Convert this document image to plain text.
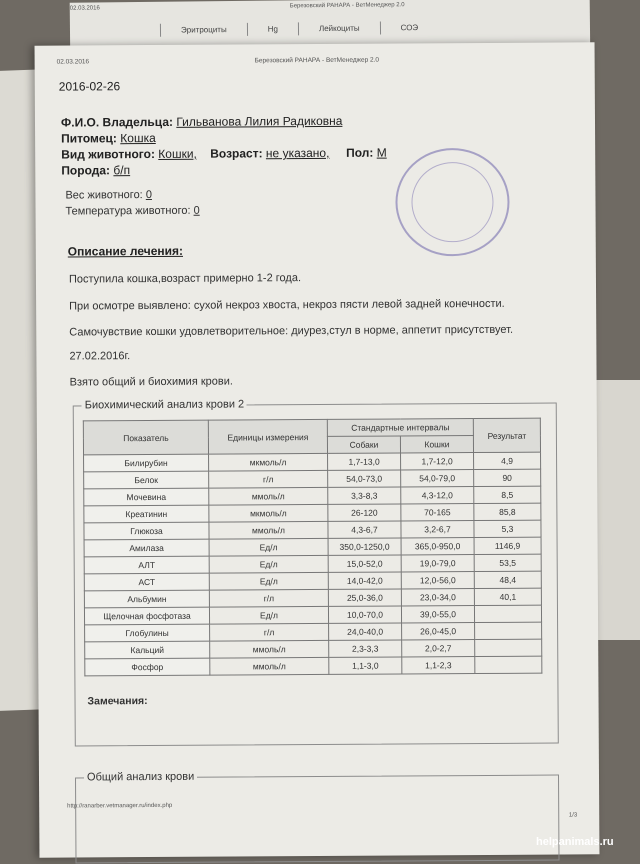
02.03.2016	Березовский РАНАРА - ВетМенеджер 2.0
Эритроциты	Hg	Лейкоциты	СОЭ
02.03.2016	Березовский РАНАРА - ВетМенеджер 2.0
2016-02-26
Ф.И.О. Владельца: Гильванова Лилия Радиковна
Питомец: Кошка
Вид животного: Кошки, Возраст: не указано, Пол: М
Порода: б/п
Вес животного: 0
Температура животного: 0
Описание лечения:
Поступила кошка,возраст примерно 1-2 года.
При осмотре выявлено: сухой некроз хвоста, некроз пясти левой задней конечности.
Самочувствие кошки удовлетворительное: диурез,стул в норме, аппетит присутствует.
27.02.2016г.
Взято общий и биохимия крови.
Биохимический анализ крови 2
Показатель	Единицы измерения	Стандартные интервалы		Результат
		Собаки	Кошки	
Билирубин	мкмоль/л	1,7-13,0	1,7-12,0	4,9
Белок	г/л	54,0-73,0	54,0-79,0	90
Мочевина	ммоль/л	3,3-8,3	4,3-12,0	8,5
Креатинин	мкмоль/л	26-120	70-165	85,8
Глюкоза	ммоль/л	4,3-6,7	3,2-6,7	5,3
Амилаза	Ед/л	350,0-1250,0	365,0-950,0	1146,9
АЛТ	Ед/л	15,0-52,0	19,0-79,0	53,5
АСТ	Ед/л	14,0-42,0	12,0-56,0	48,4
Альбумин	г/л	25,0-36,0	23,0-34,0	40,1
Щелочная фосфотаза	Ед/л	10,0-70,0	39,0-55,0	
Глобулины	г/л	24,0-40,0	26,0-45,0	
Кальций	ммоль/л	2,3-3,3	2,0-2,7	
Фосфор	ммоль/л	1,1-3,0	1,1-2,3	
Замечания:
Общий анализ крови
http://ranarber.vetmanager.ru/index.php
1/3
helpanimals.ru
